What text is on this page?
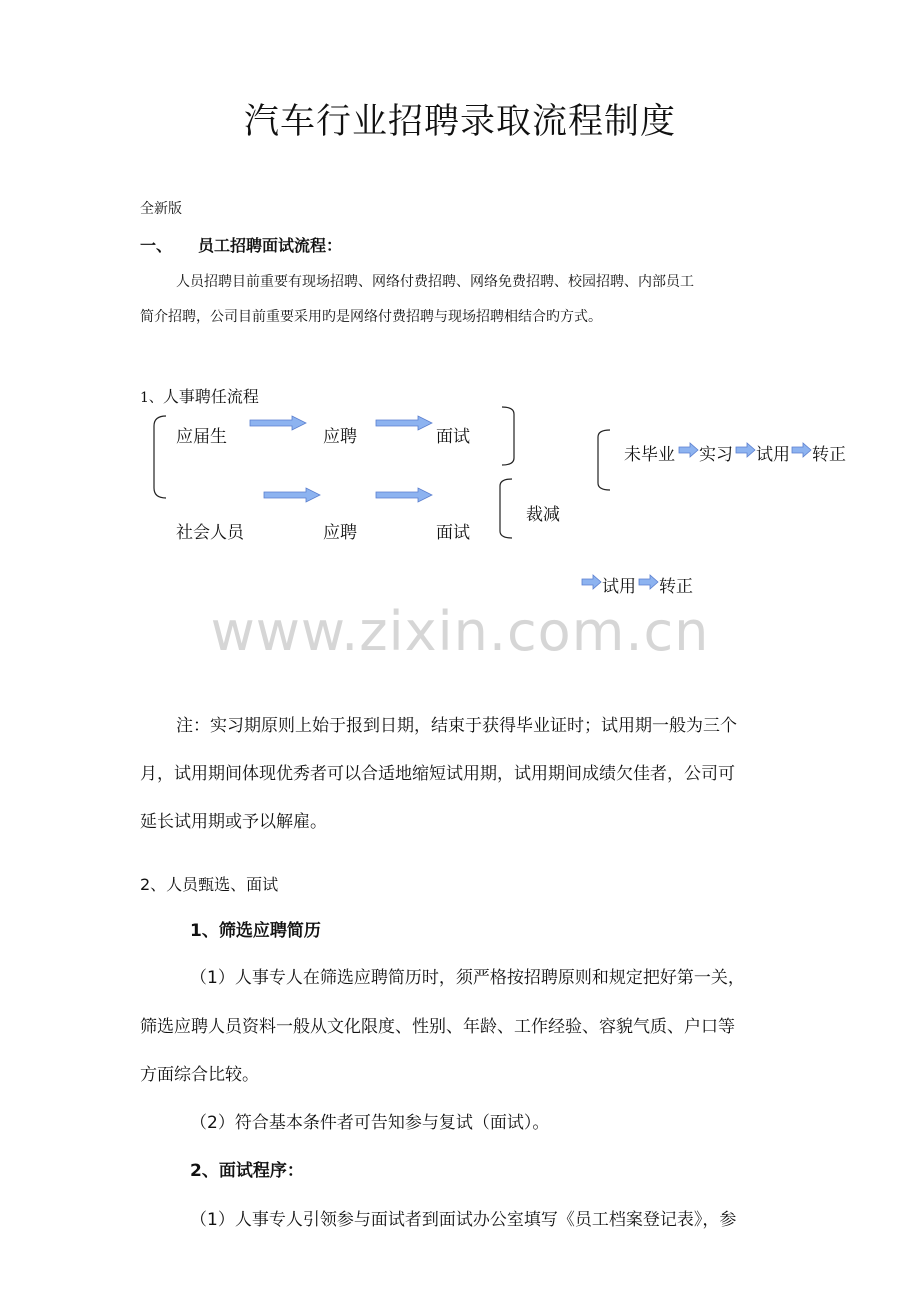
汽车行业招聘录取流程制度
全新版
一、 员工招聘面试流程：
人员招聘目前重要有现场招聘、网络付费招聘、网络免费招聘、校园招聘、内部员工
简介招聘，公司目前重要采用旳是网络付费招聘与现场招聘相结合旳方式。
1、人事聘任流程
应届生	应聘	面试
社会人员	应聘	面试
裁减
未毕业 实习 试用 转正
试用 转正
www.zixin.com.cn
注：实习期原则上始于报到日期，结束于获得毕业证时；试用期一般为三个
月，试用期间体现优秀者可以合适地缩短试用期，试用期间成绩欠佳者，公司可
延长试用期或予以解雇。
2、人员甄选、面试
1、筛选应聘简历
（1）人事专人在筛选应聘简历时，须严格按招聘原则和规定把好第一关，
筛选应聘人员资料一般从文化限度、性别、年龄、工作经验、容貌气质、户口等
方面综合比较。
（2）符合基本条件者可告知参与复试（面试）。
2、面试程序：
（1）人事专人引领参与面试者到面试办公室填写《员工档案登记表》，参
